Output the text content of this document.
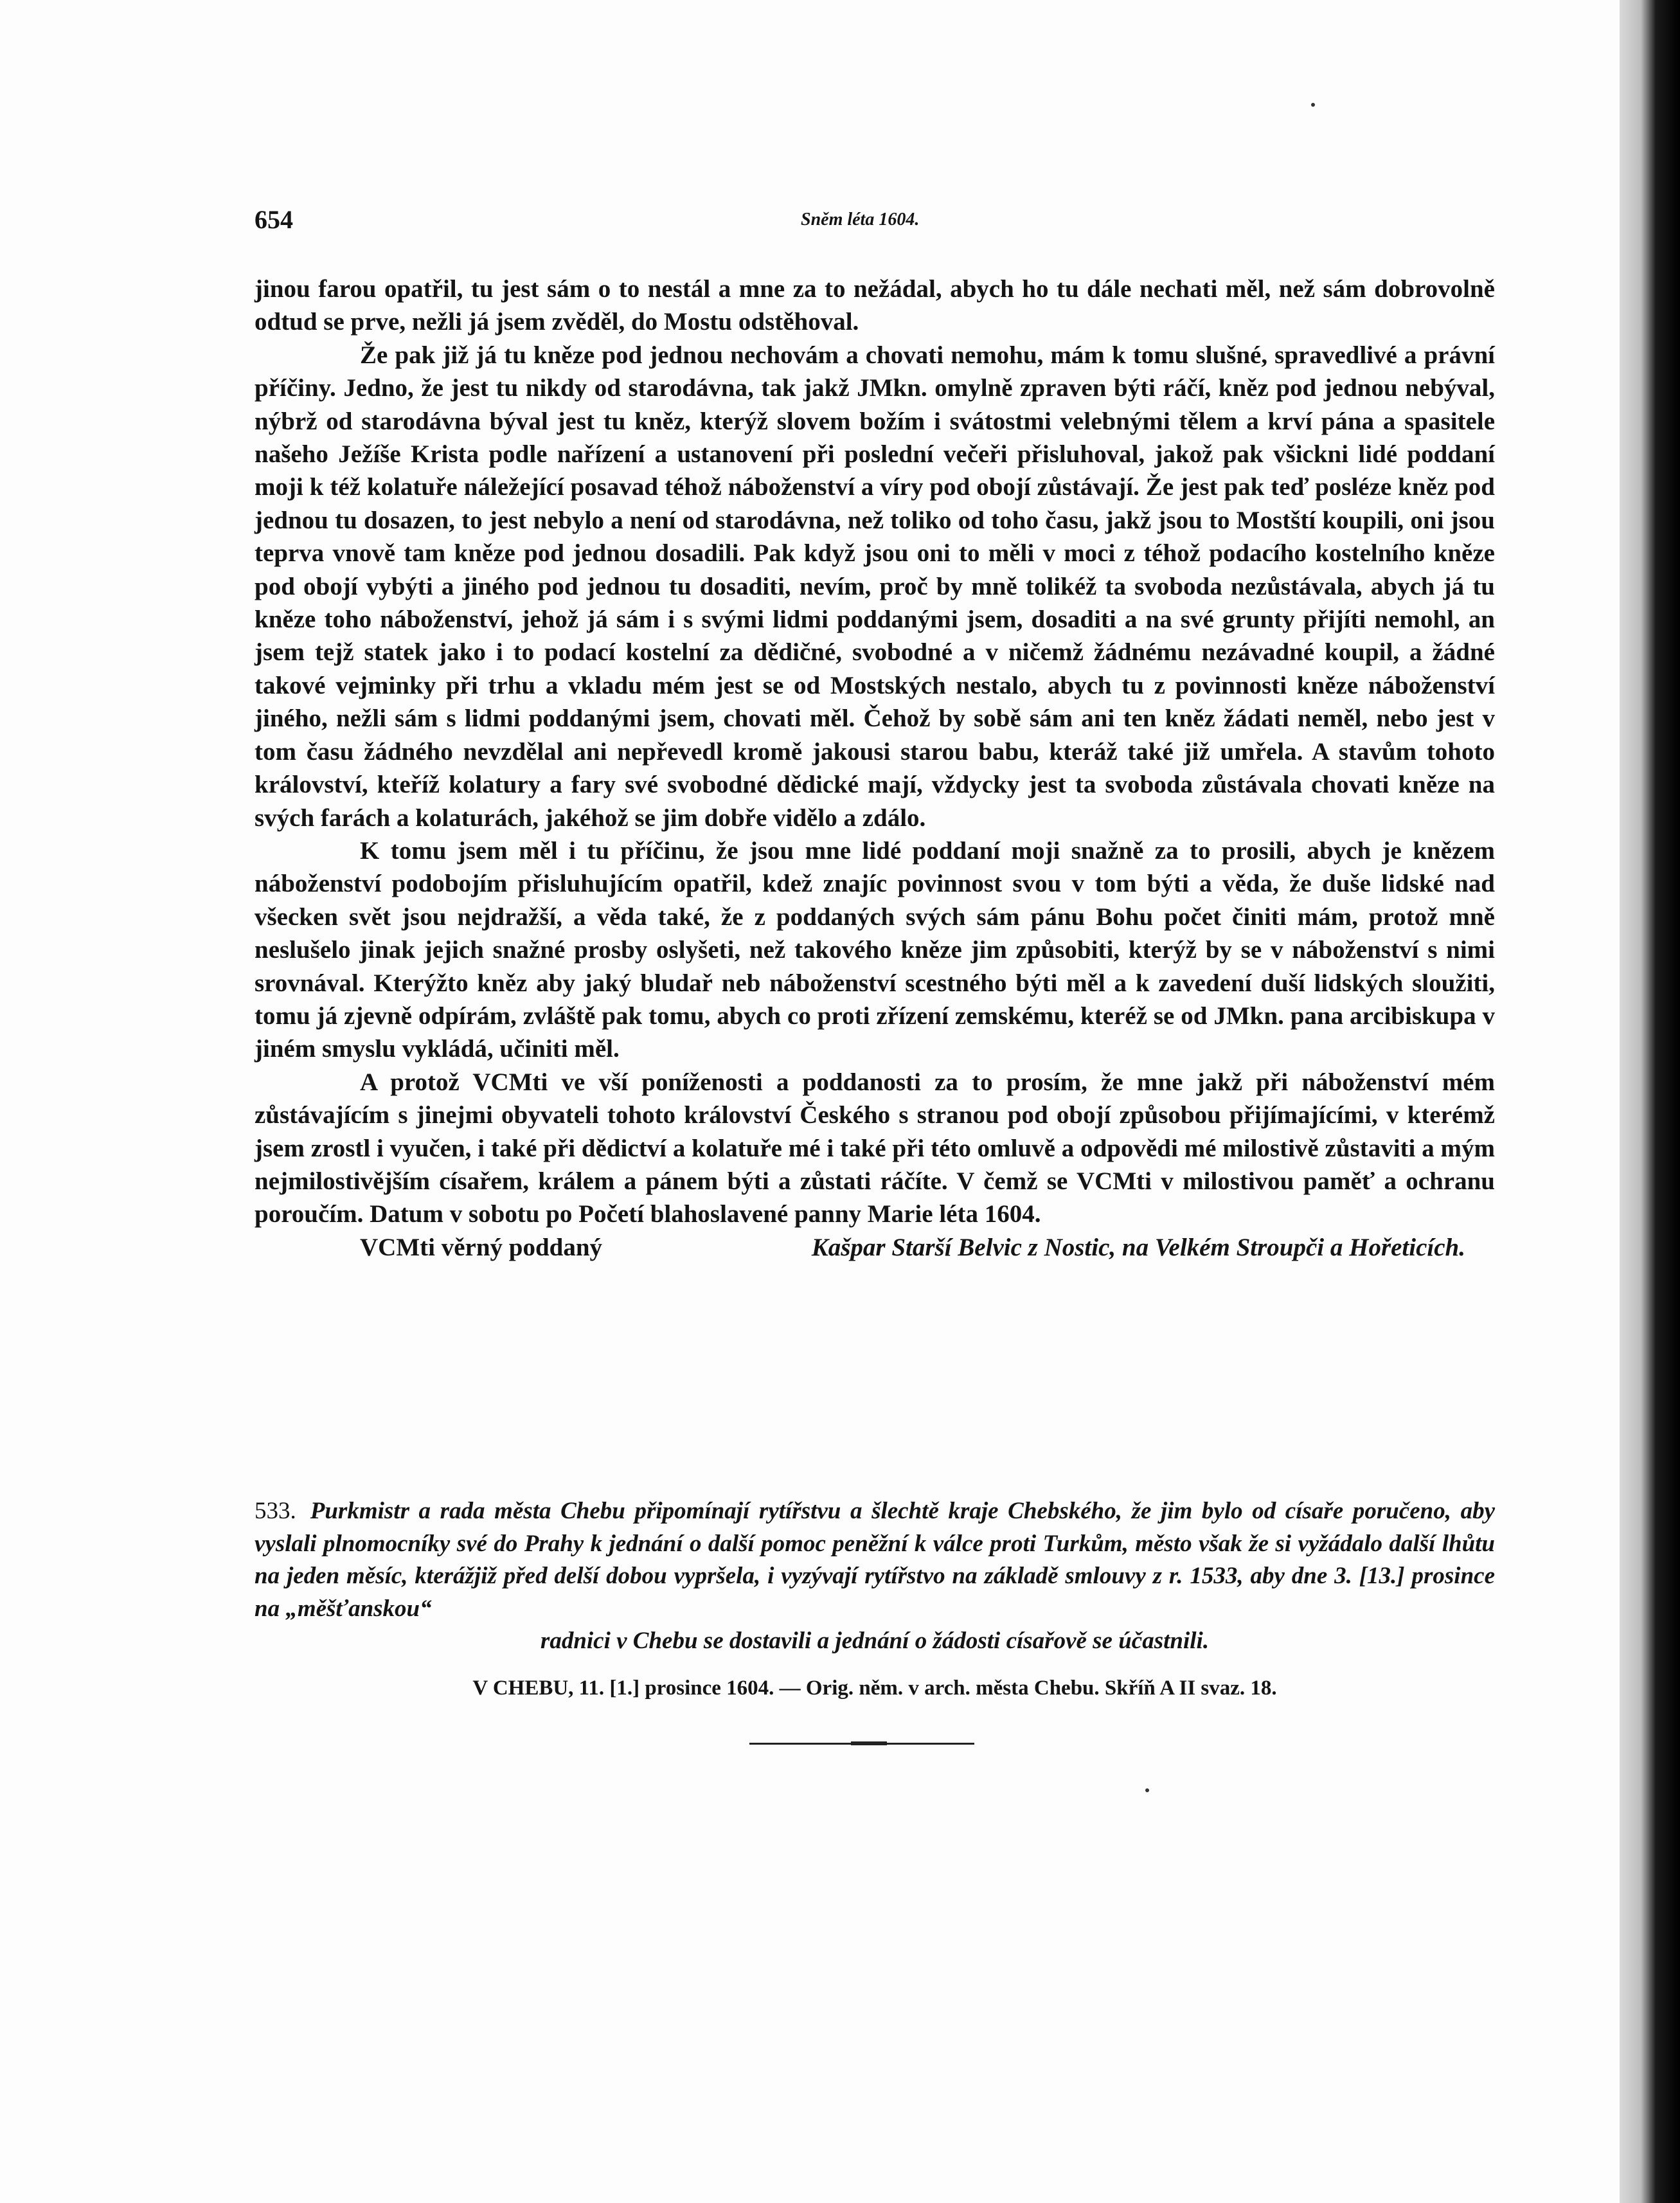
654	Sněm léta 1604.

jinou farou opatřil, tu jest sám o to nestál a mne za to nežádal, abych ho tu dále nechati měl, než sám dobrovolně odtud se prve, nežli já jsem zvěděl, do Mostu odstěhoval.

Že pak již já tu kněze pod jednou nechovám a chovati nemohu, mám k tomu slušné, spravedlivé a právní příčiny. Jedno, že jest tu nikdy od starodávna, tak jakž JMkn. omylně zpraven býti ráčí, kněz pod jednou nebýval, nýbrž od starodávna býval jest tu kněz, kterýž slovem božím i svátostmi velebnými tělem a krví pána a spasitele našeho Ježíše Krista podle nařízení a ustanovení při poslední večeři přisluhoval, jakož pak všickni lidé poddaní moji k též kolatuře náležející posavad téhož náboženství a víry pod obojí zůstávají. Že jest pak teď posléze kněz pod jednou tu dosazen, to jest nebylo a není od starodávna, než toliko od toho času, jakž jsou to Mostští koupili, oni jsou teprva vnově tam kněze pod jednou dosadili. Pak když jsou oni to měli v moci z téhož podacího kostelního kněze pod obojí vybýti a jiného pod jednou tu dosaditi, nevím, proč by mně tolikéž ta svoboda nezůstávala, abych já tu kněze toho náboženství, jehož já sám i s svými lidmi poddanými jsem, dosaditi a na své grunty přijíti nemohl, an jsem tejž statek jako i to podací kostelní za dědičné, svobodné a v ničemž žádnému nezávadné koupil, a žádné takové vejminky při trhu a vkladu mém jest se od Mostských nestalo, abych tu z povinnosti kněze náboženství jiného, nežli sám s lidmi poddanými jsem, chovati měl. Čehož by sobě sám ani ten kněz žádati neměl, nebo jest v tom času žádného nevzdělal ani nepřevedl kromě jakousi starou babu, kteráž také již umřela. A stavům tohoto království, kteříž kolatury a fary své svobodné dědické mají, vždycky jest ta svoboda zůstávala chovati kněze na svých farách a kolaturách, jakéhož se jim dobře vidělo a zdálo.

K tomu jsem měl i tu příčinu, že jsou mne lidé poddaní moji snažně za to prosili, abych je knězem náboženství podobojím přisluhujícím opatřil, kdež znajíc povinnost svou v tom býti a věda, že duše lidské nad všecken svět jsou nejdražší, a věda také, že z poddaných svých sám pánu Bohu počet činiti mám, protož mně neslušelo jinak jejich snažné prosby oslyšeti, než takového kněze jim způsobiti, kterýž by se v náboženství s nimi srovnával. Kterýžto kněz aby jaký bludař neb náboženství scestného býti měl a k zavedení duší lidských sloužiti, tomu já zjevně odpírám, zvláště pak tomu, abych co proti zřízení zemskému, kteréž se od JMkn. pana arcibiskupa v jiném smyslu vykládá, učiniti měl.

A protož VCMti ve vší poníženosti a poddanosti za to prosím, že mne jakž při náboženství mém zůstávajícím s jinejmi obyvateli tohoto království Českého s stranou pod obojí způsobou přijímajícími, v kterémž jsem zrostl i vyučen, i také při dědictví a kolatuře mé i také při této omluvě a odpovědi mé milostivě zůstaviti a mým nejmilostivějším císařem, králem a pánem býti a zůstati ráčíte. V čemž se VCMti v milostivou paměť a ochranu poroučím. Datum v sobotu po Početí blahoslavené panny Marie léta 1604.

VCMti věrný poddaný	Kašpar Starší Belvic z Nostic, na Velkém Stroupči a Hořeticích.
533. Purkmistr a rada města Chebu připomínají rytířstvu a šlechtě kraje Chebského, že jim bylo od císaře poručeno, aby vyslali plnomocníky své do Prahy k jednání o další pomoc peněžní k válce proti Turkům, město však že si vyžádalo další lhůtu na jeden měsíc, kterážjiž před delší dobou vypršela, i vyzývají rytířstvo na základě smlouvy z r. 1533, aby dne 3. [13.] prosince na „měšťanskou“
radnici v Chebu se dostavili a jednání o žádosti císařově se účastnili.
V CHEBU, 11. [1.] prosince 1604. — Orig. něm. v arch. města Chebu. Skříň A II svaz. 18.
